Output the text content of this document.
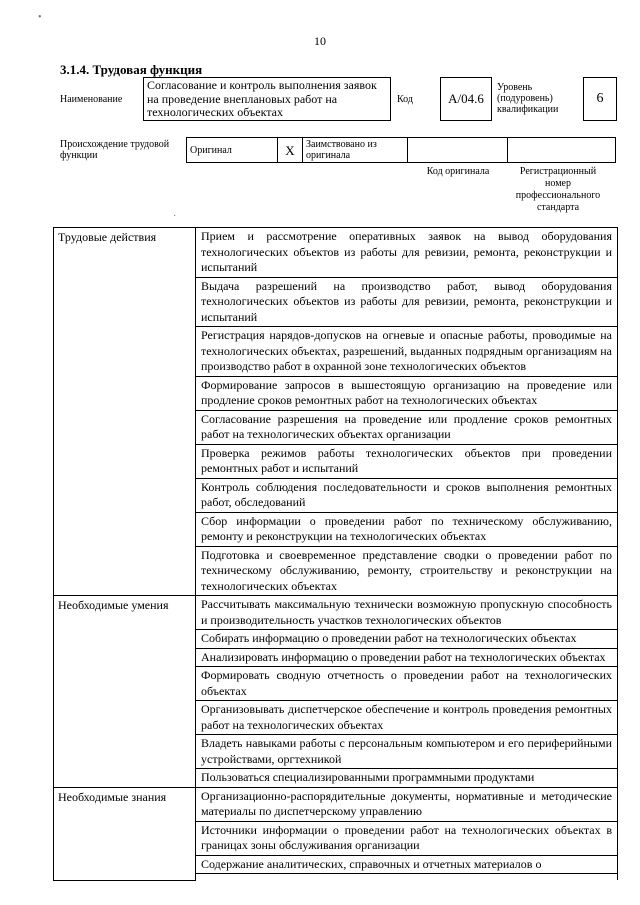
•
10
3.1.4. Трудовая функция
Наименование
Согласование и контроль выполнения заявок на проведение внеплановых работ на технологических объектах
Код	А/04.6
Уровень (подуровень) квалификации
6
Происхождение трудовой функции	Оригинал	X	Заимствовано из оригинала		
Код оригинала	Регистрационный номер профессионального стандарта
·
Трудовые действия	Прием и рассмотрение оперативных заявок на вывод оборудования технологических объектов из работы для ревизии, ремонта, реконструкции и испытаний
	Выдача разрешений на производство работ, вывод оборудования технологических объектов из работы для ревизии, ремонта, реконструкции и испытаний
	Регистрация нарядов-допусков на огневые и опасные работы, проводимые на технологических объектах, разрешений, выданных подрядным организациям на производство работ в охранной зоне технологических объектов
	Формирование запросов в вышестоящую организацию на проведение или продление сроков ремонтных работ на технологических объектах
	Согласование разрешения на проведение или продление сроков ремонтных работ на технологических объектах организации
	Проверка режимов работы технологических объектов при проведении ремонтных работ и испытаний
	Контроль соблюдения последовательности и сроков выполнения ремонтных работ, обследований
	Сбор информации о проведении работ по техническому обслуживанию, ремонту и реконструкции на технологических объектах
	Подготовка и своевременное представление сводки о проведении работ по техническому обслуживанию, ремонту, строительству и реконструкции на технологических объектах
Необходимые умения	Рассчитывать максимальную технически возможную пропускную способность и производительность участков технологических объектов
	Собирать информацию о проведении работ на технологических объектах
	Анализировать информацию о проведении работ на технологических объектах
	Формировать сводную отчетность о проведении работ на технологических объектах
	Организовывать диспетчерское обеспечение и контроль проведения ремонтных работ на технологических объектах
	Владеть навыками работы с персональным компьютером и его периферийными устройствами, оргтехникой
	Пользоваться специализированными программными продуктами
Необходимые знания	Организационно-распорядительные документы, нормативные и методические материалы по диспетчерскому управлению
	Источники информации о проведении работ на технологических объектах в границах зоны обслуживания организации
	Содержание аналитических, справочных и отчетных материалов о
